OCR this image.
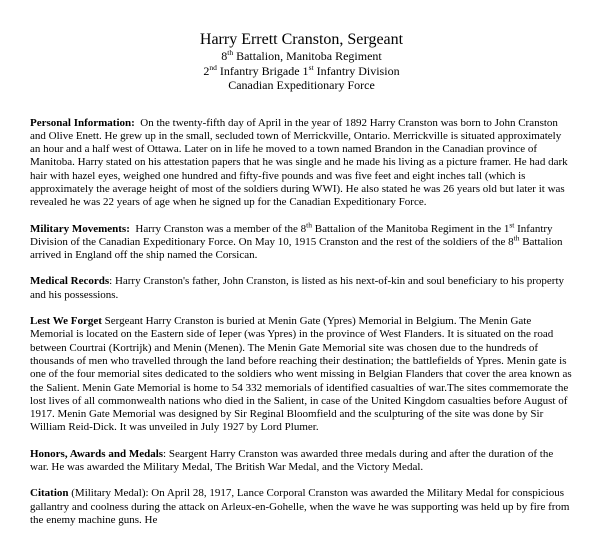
Harry Errett Cranston, Sergeant
8th Battalion, Manitoba Regiment
2nd Infantry Brigade 1st Infantry Division
Canadian Expeditionary Force

Personal Information: On the twenty-fifth day of April in the year of 1892 Harry Cranston was born to John Cranston and Olive Enett. He grew up in the small, secluded town of Merrickville, Ontario. Merrickville is situated approximately an hour and a half west of Ottawa. Later on in life he moved to a town named Brandon in the Canadian province of Manitoba. Harry stated on his attestation papers that he was single and he made his living as a picture framer. He had dark hair with hazel eyes, weighed one hundred and fifty-five pounds and was five feet and eight inches tall (which is approximately the average height of most of the soldiers during WWI). He also stated he was 26 years old but later it was revealed he was 22 years of age when he signed up for the Canadian Expeditionary Force.

Military Movements: Harry Cranston was a member of the 8th Battalion of the Manitoba Regiment in the 1st Infantry Division of the Canadian Expeditionary Force. On May 10, 1915 Cranston and the rest of the soldiers of the 8th Battalion arrived in England off the ship named the Corsican.

Medical Records: Harry Cranston's father, John Cranston, is listed as his next-of-kin and soul beneficiary to his property and his possessions.

Lest We Forget Sergeant Harry Cranston is buried at Menin Gate (Ypres) Memorial in Belgium. The Menin Gate Memorial is located on the Eastern side of Ieper (was Ypres) in the province of West Flanders. It is situated on the road between Courtrai (Kortrijk) and Menin (Menen). The Menin Gate Memorial site was chosen due to the hundreds of thousands of men who travelled through the land before reaching their destination; the battlefields of Ypres. Menin gate is one of the four memorial sites dedicated to the soldiers who went missing in Belgian Flanders that cover the area known as the Salient. Menin Gate Memorial is home to 54 332 memorials of identified casualties of war.The sites commemorate the lost lives of all commonwealth nations who died in the Salient, in case of the United Kingdom casualties before August of 1917. Menin Gate Memorial was designed by Sir Reginal Bloomfield and the sculpturing of the site was done by Sir William Reid-Dick. It was unveiled in July 1927 by Lord Plumer.

Honors, Awards and Medals: Seargent Harry Cranston was awarded three medals during and after the duration of the war. He was awarded the Military Medal, The British War Medal, and the Victory Medal.

Citation (Military Medal): On April 28, 1917, Lance Corporal Cranston was awarded the Military Medal for conspicious gallantry and coolness during the attack on Arleux-en-Gohelle, when the wave he was supporting was held up by fire from the enemy machine guns. He
